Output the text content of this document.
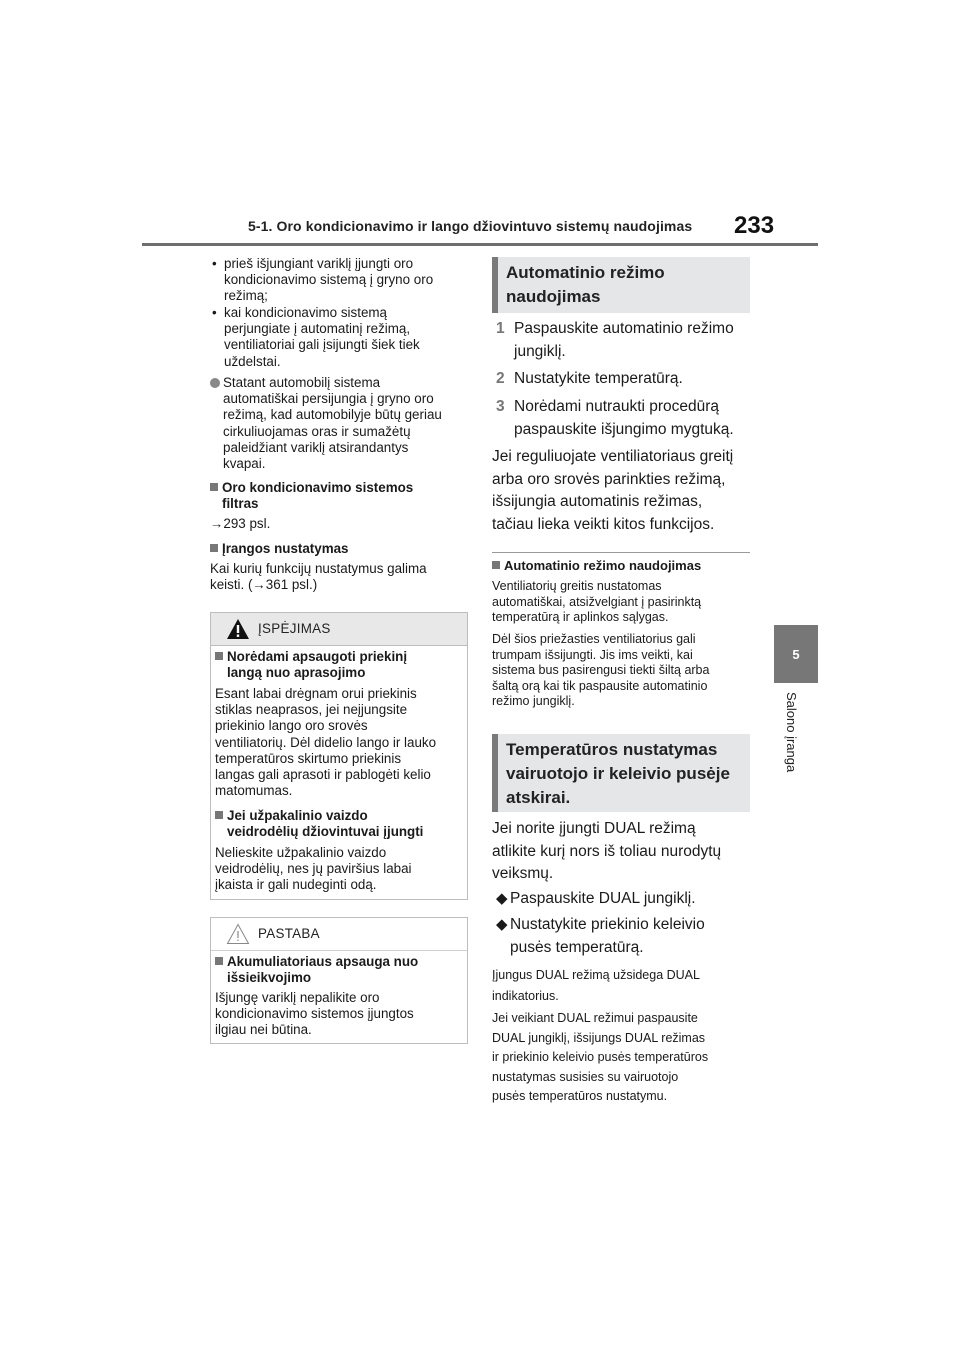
5-1. Oro kondicionavimo ir lango džiovintuvo sistemų naudojimas 233
5
Salono įranga
• prieš išjungiant variklį įjungti oro
kondicionavimo sistemą į gryno oro
režimą;
• kai kondicionavimo sistemą
perjungiate į automatinį režimą,
ventiliatoriai gali įsijungti šiek tiek
uždelstai.
Statant automobilį sistema
automatiškai persijungia į gryno oro
režimą, kad automobilyje būtų geriau
cirkuliuojamas oras ir sumažėtų
paleidžiant variklį atsirandantys
kvapai.
Oro kondicionavimo sistemos
filtras
→293 psl.
Įrangos nustatymas
Kai kurių funkcijų nustatymus galima
keisti. (→361 psl.)
ĮSPĖJIMAS
Norėdami apsaugoti priekinį
langą nuo aprasojimo
Esant labai drėgnam orui priekinis
stiklas neaprasos, jei neįjungsite
priekinio lango oro srovės
ventiliatorių. Dėl didelio lango ir lauko
temperatūros skirtumo priekinis
langas gali aprasoti ir pablogėti kelio
matomumas.
Jei užpakalinio vaizdo
veidrodėlių džiovintuvai įjungti
Nelieskite užpakalinio vaizdo
veidrodėlių, nes jų paviršius labai
įkaista ir gali nudeginti odą.
PASTABA
Akumuliatoriaus apsauga nuo
išsieikvojimo
Išjungę variklį nepalikite oro
kondicionavimo sistemos įjungtos
ilgiau nei būtina.
Automatinio režimo
naudojimas
1 Paspauskite automatinio režimo
jungiklį.
2 Nustatykite temperatūrą.
3 Norėdami nutraukti procedūrą
paspauskite išjungimo mygtuką.
Jei reguliuojate ventiliatoriaus greitį
arba oro srovės parinkties režimą,
išsijungia automatinis režimas,
tačiau lieka veikti kitos funkcijos.
Automatinio režimo naudojimas
Ventiliatorių greitis nustatomas
automatiškai, atsižvelgiant į pasirinktą
temperatūrą ir aplinkos sąlygas.
Dėl šios priežasties ventiliatorius gali
trumpam išsijungti. Jis ims veikti, kai
sistema bus pasirengusi tiekti šiltą arba
šaltą orą kai tik paspausite automatinio
režimo jungiklį.
Temperatūros nustatymas
vairuotojo ir keleivio pusėje
atskirai.
Jei norite įjungti DUAL režimą
atlikite kurį nors iš toliau nurodytų
veiksmų.
◆ Paspauskite DUAL jungiklį.
◆ Nustatykite priekinio keleivio
pusės temperatūrą.
Įjungus DUAL režimą užsidega DUAL
indikatorius.
Jei veikiant DUAL režimui paspausite
DUAL jungiklį, išsijungs DUAL režimas
ir priekinio keleivio pusės temperatūros
nustatymas susisies su vairuotojo
pusės temperatūros nustatymu.
